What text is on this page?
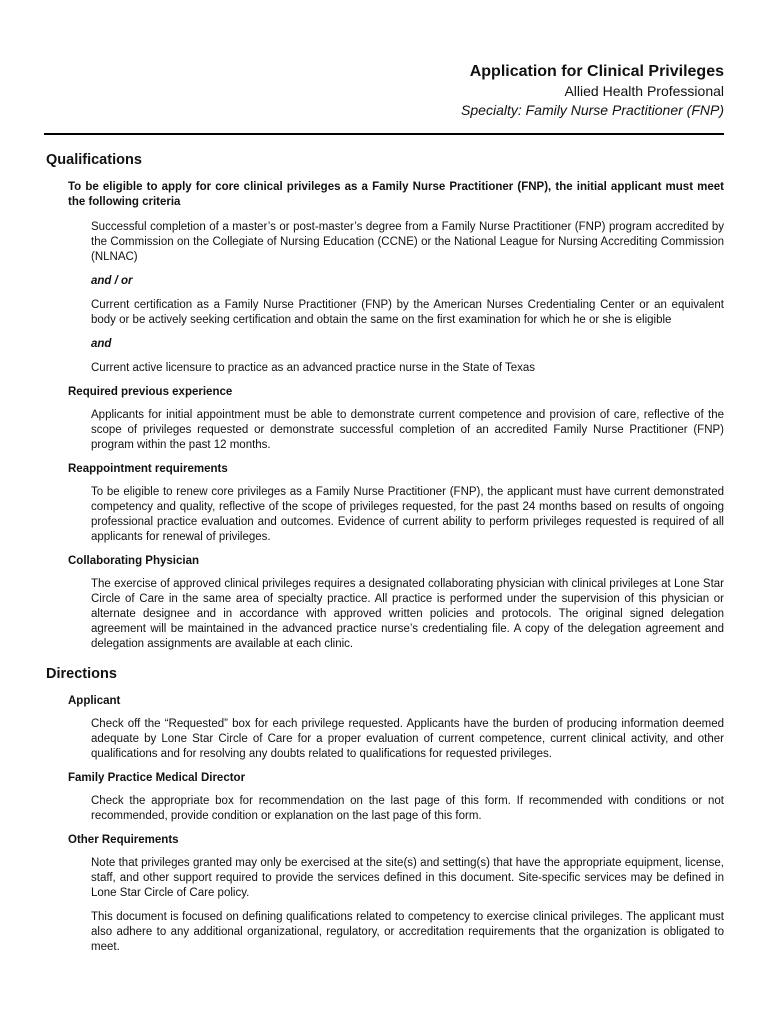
Application for Clinical Privileges
Allied Health Professional
Specialty: Family Nurse Practitioner (FNP)
Qualifications

To be eligible to apply for core clinical privileges as a Family Nurse Practitioner (FNP), the initial applicant must meet the following criteria

Successful completion of a master’s or post-master’s degree from a Family Nurse Practitioner (FNP) program accredited by the Commission on the Collegiate of Nursing Education (CCNE) or the National League for Nursing Accrediting Commission (NLNAC)

and / or

Current certification as a Family Nurse Practitioner (FNP) by the American Nurses Credentialing Center or an equivalent body or be actively seeking certification and obtain the same on the first examination for which he or she is eligible

and

Current active licensure to practice as an advanced practice nurse in the State of Texas

Required previous experience

Applicants for initial appointment must be able to demonstrate current competence and provision of care, reflective of the scope of privileges requested or demonstrate successful completion of an accredited Family Nurse Practitioner (FNP) program within the past 12 months.

Reappointment requirements

To be eligible to renew core privileges as a Family Nurse Practitioner (FNP), the applicant must have current demonstrated competency and quality, reflective of the scope of privileges requested, for the past 24 months based on results of ongoing professional practice evaluation and outcomes. Evidence of current ability to perform privileges requested is required of all applicants for renewal of privileges.

Collaborating Physician

The exercise of approved clinical privileges requires a designated collaborating physician with clinical privileges at Lone Star Circle of Care in the same area of specialty practice. All practice is performed under the supervision of this physician or alternate designee and in accordance with approved written policies and protocols. The original signed delegation agreement will be maintained in the advanced practice nurse’s credentialing file. A copy of the delegation agreement and delegation assignments are available at each clinic.

Directions
Applicant

Check off the “Requested” box for each privilege requested. Applicants have the burden of producing information deemed adequate by Lone Star Circle of Care for a proper evaluation of current competence, current clinical activity, and other qualifications and for resolving any doubts related to qualifications for requested privileges.

Family Practice Medical Director

Check the appropriate box for recommendation on the last page of this form. If recommended with conditions or not recommended, provide condition or explanation on the last page of this form.

Other Requirements

Note that privileges granted may only be exercised at the site(s) and setting(s) that have the appropriate equipment, license, staff, and other support required to provide the services defined in this document. Site-specific services may be defined in Lone Star Circle of Care policy.

This document is focused on defining qualifications related to competency to exercise clinical privileges. The applicant must also adhere to any additional organizational, regulatory, or accreditation requirements that the organization is obligated to meet.
